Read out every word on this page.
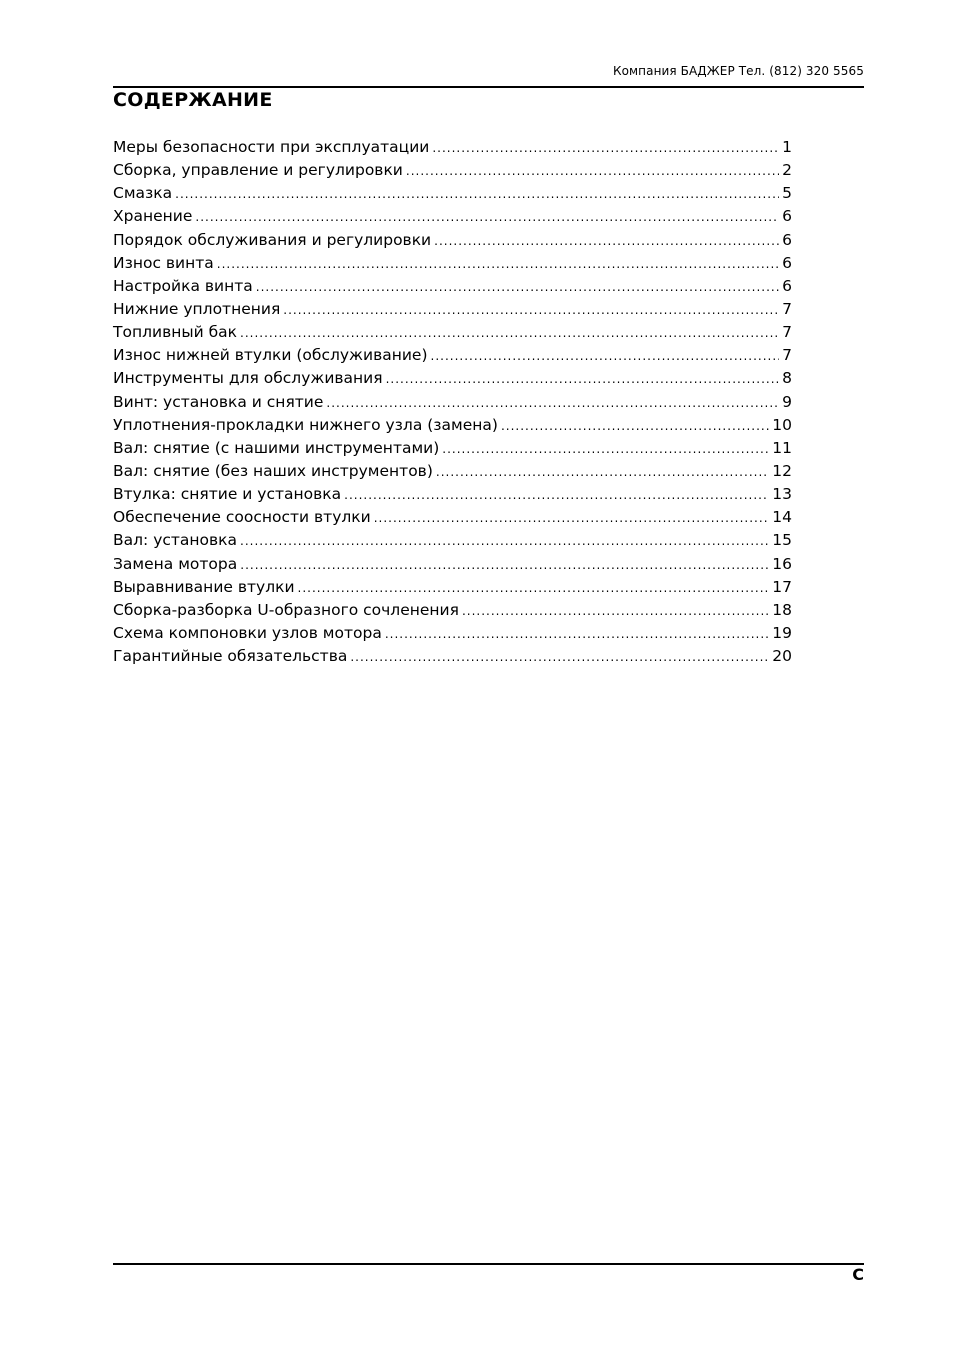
Компания БАДЖЕР Тел. (812) 320 5565
СОДЕРЖАНИЕ
Меры безопасности при эксплуатации .....	1
Сборка, управление и регулировки .....	2
Смазка .....	5
Хранение .....	6
Порядок обслуживания и регулировки .....	6
Износ винта .....	6
Настройка винта .....	6
Нижние уплотнения .....	7
Топливный бак .....	7
Износ нижней втулки (обслуживание) .....	7
Инструменты для обслуживания .....	8
Винт: установка и снятие .....	9
Уплотнения-прокладки нижнего узла (замена) .....	10
Вал: снятие (с нашими инструментами) .....	11
Вал: снятие (без наших инструментов) .....	12
Втулка: снятие и установка .....	13
Обеспечение соосности втулки .....	14
Вал: установка .....	15
Замена мотора .....	16
Выравнивание втулки .....	17
Сборка-разборка U-образного сочленения .....	18
Схема компоновки узлов мотора .....	19
Гарантийные обязательства .....	20
C
